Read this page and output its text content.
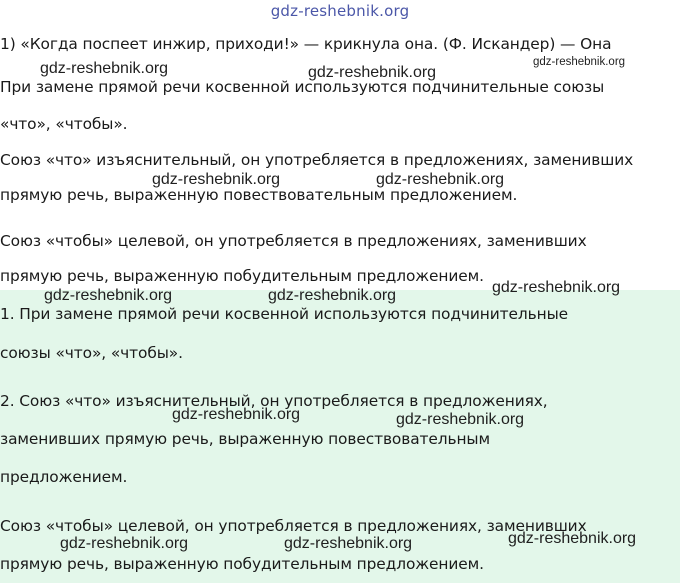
gdz-reshebnik.org
1) «Когда поспеет инжир, приходи!» — крикнула она. (Ф. Искандер) — Она
При замене прямой речи косвенной используются подчинительные союзы
«что», «чтобы».
Союз «что» изъяснительный, он употребляется в предложениях, заменивших
прямую речь, выраженную повествовательным предложением.
Союз «чтобы» целевой, он употребляется в предложениях, заменивших
прямую речь, выраженную побудительным предложением.
1. При замене прямой речи косвенной используются подчинительные
союзы «что», «чтобы».
2. Союз «что» изъяснительный, он употребляется в предложениях,
заменивших прямую речь, выраженную повествовательным
предложением.
Союз «чтобы» целевой, он употребляется в предложениях, заменивших
прямую речь, выраженную побудительным предложением.
gdz-reshebnik.org	gdz-reshebnik.org
gdz-reshebnik.org
gdz-reshebnik.org	gdz-reshebnik.org
gdz-reshebnik.org	gdz-reshebnik.org	gdz-reshebnik.org
gdz-reshebnik.org	gdz-reshebnik.org
gdz-reshebnik.org	gdz-reshebnik.org	gdz-reshebnik.org
